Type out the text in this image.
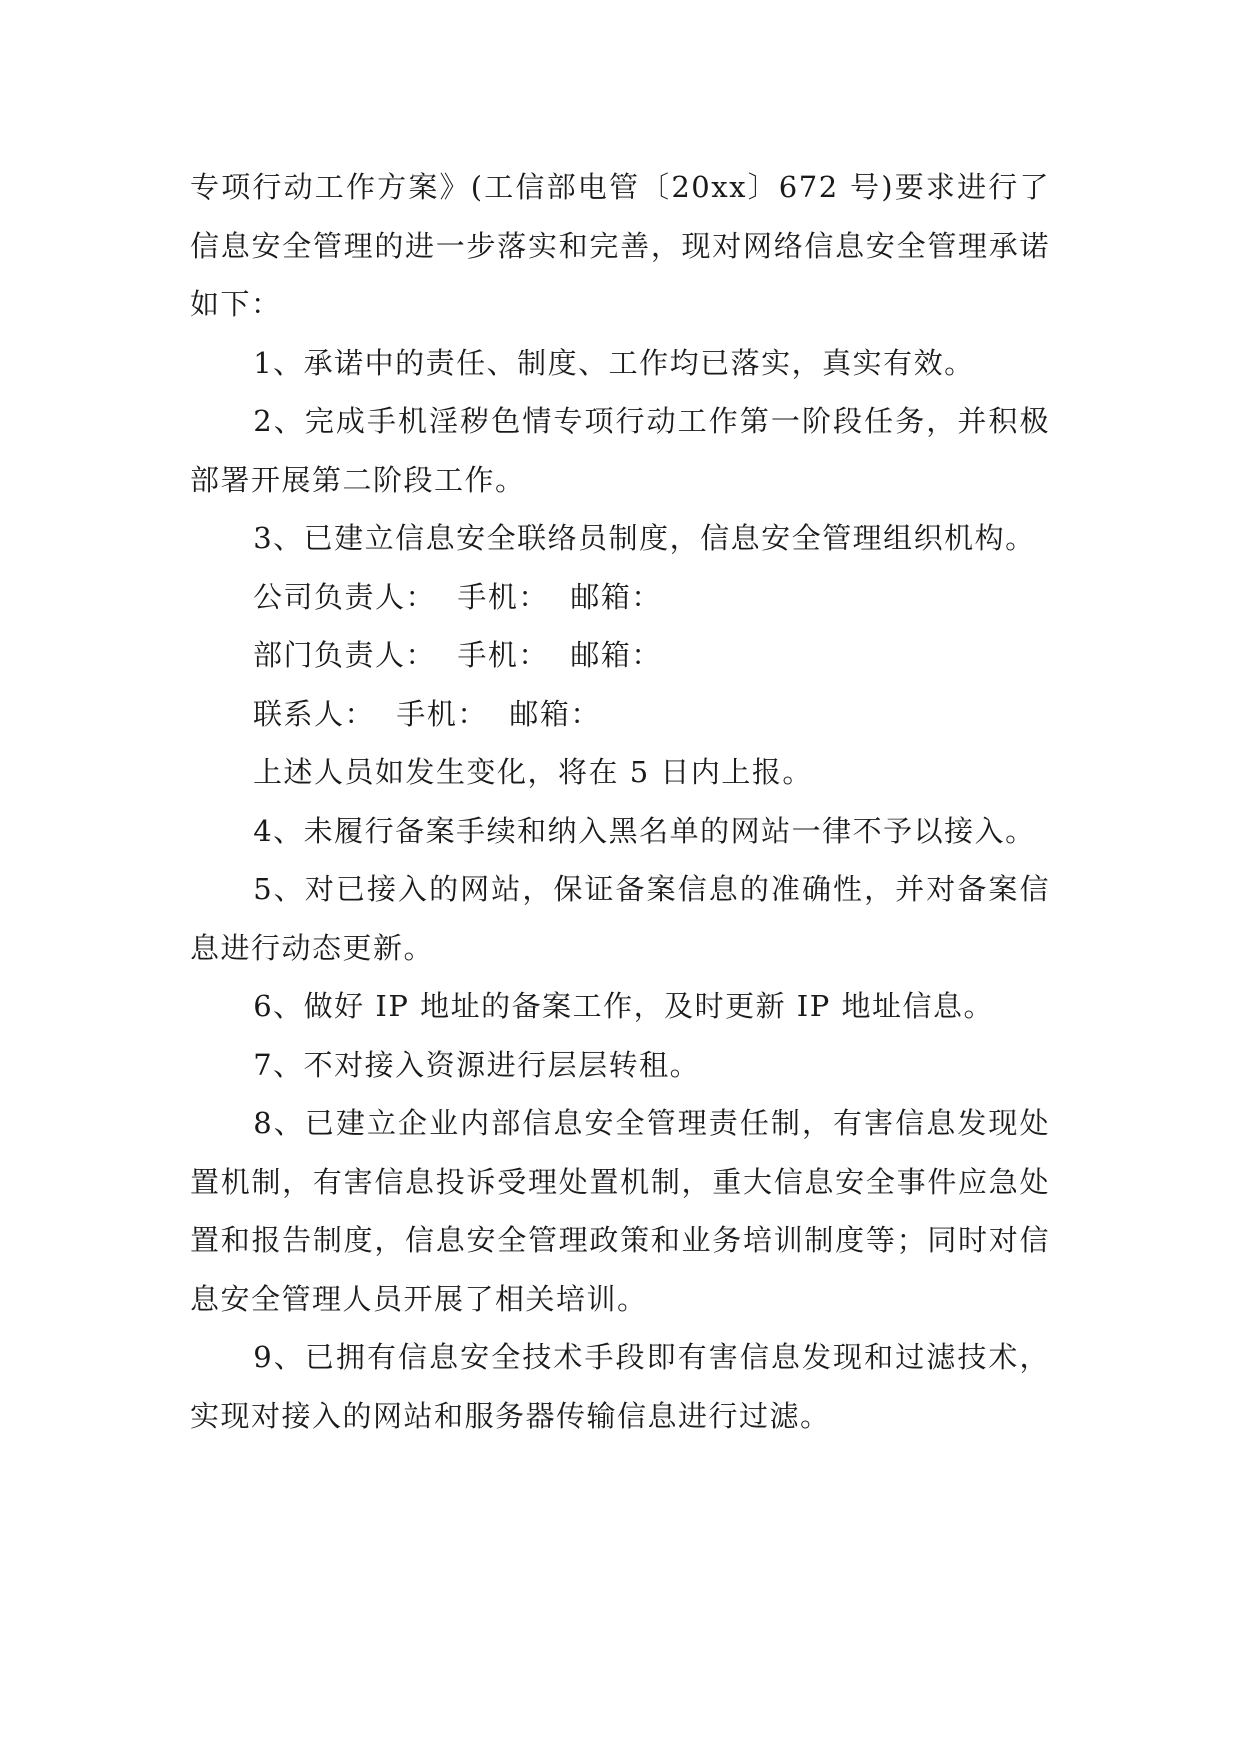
专项行动工作方案》(工信部电管〔20xx〕672 号)要求进行了信息安全管理的进一步落实和完善，现对网络信息安全管理承诺如下：

1、承诺中的责任、制度、工作均已落实，真实有效。

2、完成手机淫秽色情专项行动工作第一阶段任务，并积极部署开展第二阶段工作。

3、已建立信息安全联络员制度，信息安全管理组织机构。

公司负责人：  手机：  邮箱：

部门负责人：  手机：  邮箱：

联系人：  手机：  邮箱：

上述人员如发生变化，将在 5 日内上报。

4、未履行备案手续和纳入黑名单的网站一律不予以接入。

5、对已接入的网站，保证备案信息的准确性，并对备案信息进行动态更新。

6、做好 IP 地址的备案工作，及时更新 IP 地址信息。

7、不对接入资源进行层层转租。

8、已建立企业内部信息安全管理责任制，有害信息发现处置机制，有害信息投诉受理处置机制，重大信息安全事件应急处置和报告制度，信息安全管理政策和业务培训制度等；同时对信息安全管理人员开展了相关培训。

9、已拥有信息安全技术手段即有害信息发现和过滤技术，实现对接入的网站和服务器传输信息进行过滤。
